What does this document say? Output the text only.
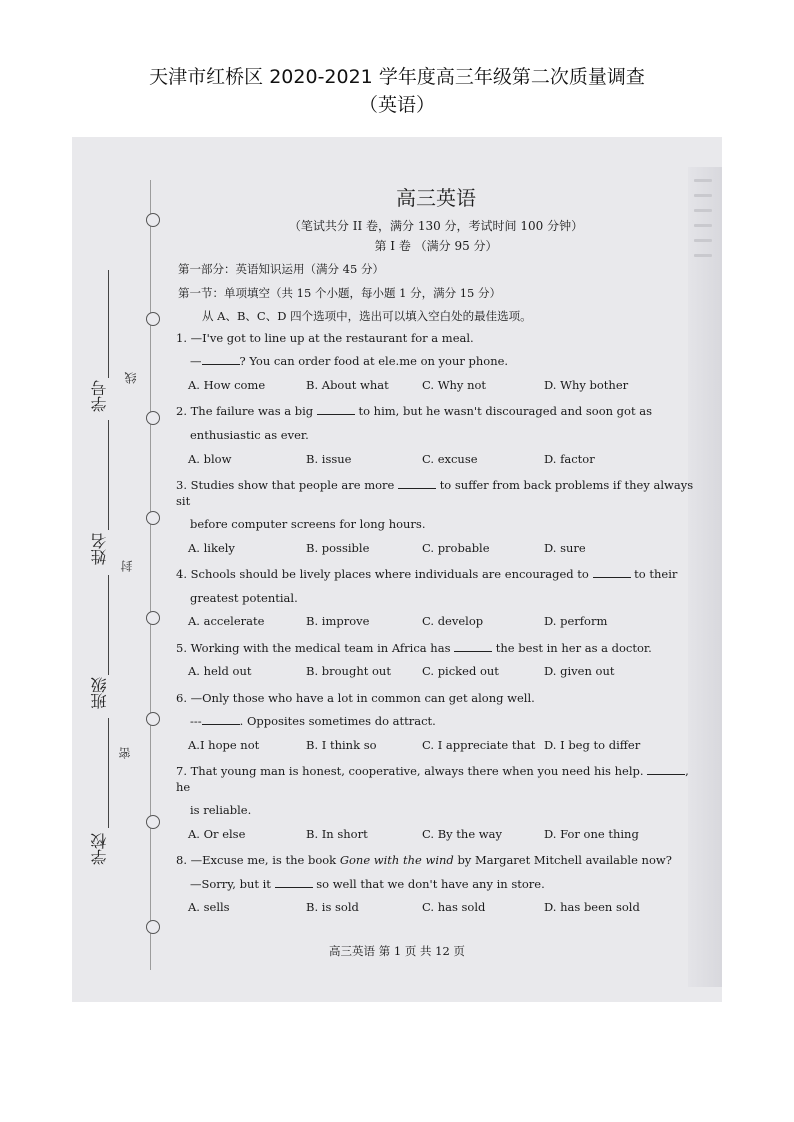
天津市红桥区 2020-2021 学年度高三年级第二次质量调查
（英语）
学号
姓名
班级
学校
线
封
密
高三英语
（笔试共分 II 卷，满分 130 分，考试时间 100 分钟）
第 I 卷 （满分 95 分）
第一部分：英语知识运用（满分 45 分）
第一节：单项填空（共 15 个小题，每小题 1 分，满分 15 分）
从 A、B、C、D 四个选项中，选出可以填入空白处的最佳选项。
1. —I've got to line up at the restaurant for a meal.
—	? You can order food at ele.me on your phone.
A. How come	B. About what	C. Why not	D. Why bother
2. The failure was a big	to him, but he wasn't discouraged and soon got as
enthusiastic as ever.
A. blow	B. issue	C. excuse	D. factor
3. Studies show that people are more	to suffer from back problems if they always sit
before computer screens for long hours.
A. likely	B. possible	C. probable	D. sure
4. Schools should be lively places where individuals are encouraged to	to their
greatest potential.
A. accelerate	B. improve	C. develop	D. perform
5. Working with the medical team in Africa has	the best in her as a doctor.
A. held out	B. brought out	C. picked out	D. given out
6. —Only those who have a lot in common can get along well.
---	. Opposites sometimes do attract.
A.I hope not	B. I think so	C. I appreciate that D. I beg to differ
7. That young man is honest, cooperative, always there when you need his help.	, he
is reliable.
A. Or else	B. In short	C. By the way	D. For one thing
8. —Excuse me, is the book Gone with the wind by Margaret Mitchell available now?
—Sorry, but it	so well that we don't have any in store.
A. sells	B. is sold	C. has sold	D. has been sold
高三英语 第 1 页 共 12 页
